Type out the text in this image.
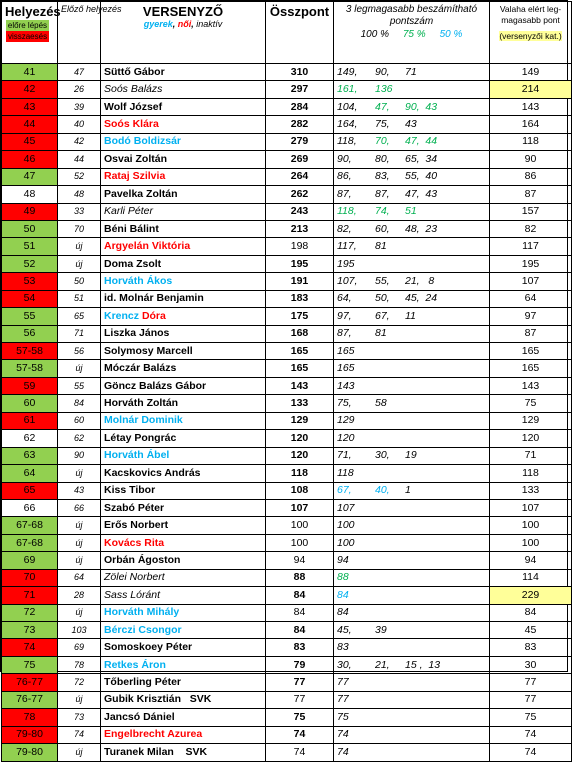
Helyezés
előre lépés
visszaesés	Előző helyezés	VERSENYZŐ
gyerek, női, inaktív	Összpont	3 legmagasabb beszámítható pontszám
100 % 75 % 50 %	Valaha elért leg-magasabb pont
(versenyzői kat.)
41	47	Süttő Gábor	310	149, 90, 71	149
42	26	Soós Balázs	297	161, 136	214
43	39	Wolf József	284	104, 47, 90,  43	143
44	40	Soós Klára	282	164, 75, 43	164
45	42	Bodó Boldizsár	279	118, 70, 47,  44	118
46	44	Osvai Zoltán	269	90, 80, 65,  34	90
47	52	Rataj Szilvia	264	86, 83, 55,  40	86
48	48	Pavelka Zoltán	262	87, 87, 47,  43	87
49	33	Karli Péter	243	118, 74, 51	157
50	70	Béni Bálint	213	82, 60, 48,  23	82
51	új	Argyelán Viktória	198	117, 81	117
52	új	Doma Zsolt	195	195	195
53	50	Horváth Ákos	191	107, 55, 21,   8	107
54	51	id. Molnár Benjamin	183	64, 50, 45,  24	64
55	65	Krencz Dóra	175	97, 67, 11	97
56	71	Liszka János	168	87, 81	87
57-58	56	Solymosy Marcell	165	165	165
57-58	új	Móczár Balázs	165	165	165
59	55	Göncz Balázs Gábor	143	143	143
60	84	Horváth Zoltán	133	75, 58	75
61	60	Molnár Dominik	129	129	129
62	62	Létay Pongrác	120	120	120
63	90	Horváth Ábel	120	71, 30, 19	71
64	új	Kacskovics András	118	118	118
65	43	Kiss Tibor	108	67, 40, 1	133
66	66	Szabó Péter	107	107	107
67-68	új	Erős Norbert	100	100	100
67-68	új	Kovács Rita	100	100	100
69	új	Orbán Ágoston	94	94	94
70	64	Zölei Norbert	88	88	114
71	28	Sass Lóránt	84	84	229
72	új	Horváth Mihály	84	84	84
73	103	Bérczi Csongor	84	45, 39	45
74	69	Somoskoey Péter	83	83	83
75	78	Retkes Áron	79	30, 21, 15 ,  13	30
76-77	72	Tőberling Péter	77	77	77
76-77	új	Gubik Krisztián   SVK	77	77	77
78	73	Jancsó Dániel	75	75	75
79-80	74	Engelbrecht Azurea	74	74	74
79-80	új	Turanek Milan    SVK	74	74	74
